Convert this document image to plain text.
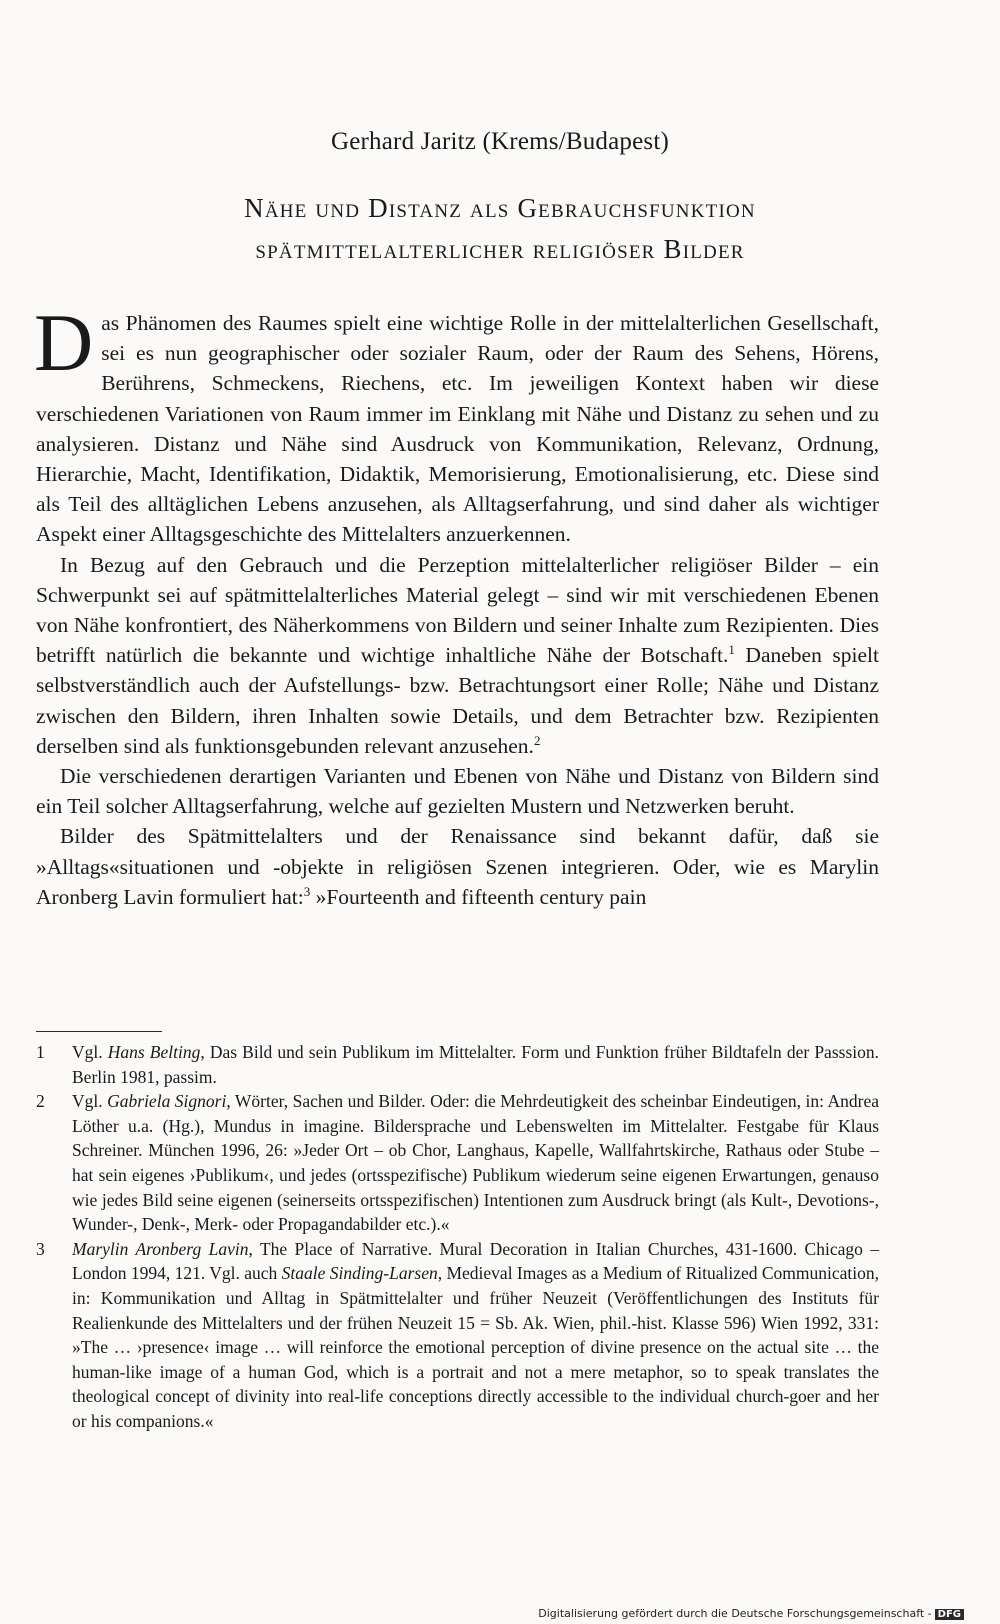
Gerhard Jaritz (Krems/Budapest)
Nähe und Distanz als Gebrauchsfunktion
spätmittelalterlicher religiöser Bilder

Das Phänomen des Raumes spielt eine wichtige Rolle in der mittelalterlichen Gesellschaft, sei es nun geographischer oder sozialer Raum, oder der Raum des Sehens, Hörens, Berührens, Schmeckens, Riechens, etc. Im jeweiligen Kontext haben wir diese verschiedenen Variationen von Raum immer im Einklang mit Nähe und Distanz zu sehen und zu analysieren. Distanz und Nähe sind Ausdruck von Kommunikation, Relevanz, Ordnung, Hierarchie, Macht, Identifikation, Didaktik, Memorisierung, Emotionalisierung, etc. Diese sind als Teil des alltäglichen Lebens anzusehen, als Alltagserfahrung, und sind daher als wichtiger Aspekt einer Alltagsgeschichte des Mittelalters anzuerkennen.

In Bezug auf den Gebrauch und die Perzeption mittelalterlicher religiöser Bilder – ein Schwerpunkt sei auf spätmittelalterliches Material gelegt – sind wir mit verschiedenen Ebenen von Nähe konfrontiert, des Näherkommens von Bildern und seiner Inhalte zum Rezipienten. Dies betrifft natürlich die bekannte und wichtige inhaltliche Nähe der Botschaft.$^1$ Daneben spielt selbstverständlich auch der Aufstellungs- bzw. Betrachtungsort einer Rolle; Nähe und Distanz zwischen den Bildern, ihren Inhalten sowie Details, und dem Betrachter bzw. Rezipienten derselben sind als funktionsgebunden relevant anzusehen.$^2$

Die verschiedenen derartigen Varianten und Ebenen von Nähe und Distanz von Bildern sind ein Teil solcher Alltagserfahrung, welche auf gezielten Mustern und Netzwerken beruht.

Bilder des Spätmittelalters und der Renaissance sind bekannt dafür, daß sie »Alltags«situationen und -objekte in religiösen Szenen integrieren. Oder, wie es Marylin Aronberg Lavin formuliert hat:$^3$ »Fourteenth and fifteenth century pain

1	Vgl. Hans Belting, Das Bild und sein Publikum im Mittelalter. Form und Funktion früher Bildtafeln der Passsion. Berlin 1981, passim.
2	Vgl. Gabriela Signori, Wörter, Sachen und Bilder. Oder: die Mehrdeutigkeit des scheinbar Eindeutigen, in: Andrea Löther u.a. (Hg.), Mundus in imagine. Bildersprache und Lebenswelten im Mittelalter. Festgabe für Klaus Schreiner. München 1996, 26: »Jeder Ort – ob Chor, Langhaus, Kapelle, Wallfahrtskirche, Rathaus oder Stube – hat sein eigenes ›Publikum‹, und jedes (ortsspezifische) Publikum wiederum seine eigenen Erwartungen, genauso wie jedes Bild seine eigenen (seinerseits ortsspezifischen) Intentionen zum Ausdruck bringt (als Kult-, Devotions-, Wunder-, Denk-, Merk- oder Propagandabilder etc.).«
3	Marylin Aronberg Lavin, The Place of Narrative. Mural Decoration in Italian Churches, 431-1600. Chicago – London 1994, 121. Vgl. auch Staale Sinding-Larsen, Medieval Images as a Medium of Ritualized Communication, in: Kommunikation und Alltag in Spätmittelalter und früher Neuzeit (Veröffentlichungen des Instituts für Realienkunde des Mittelalters und der frühen Neuzeit 15 = Sb. Ak. Wien, phil.-hist. Klasse 596) Wien 1992, 331: »The … ›presence‹ image … will reinforce the emotional perception of divine presence on the actual site … the human-like image of a human God, which is a portrait and not a mere metaphor, so to speak translates the theological concept of divinity into real-life conceptions directly accessible to the individual church-goer and her or his companions.«
Digitalisierung gefördert durch die Deutsche Forschungsgemeinschaft - DFG
